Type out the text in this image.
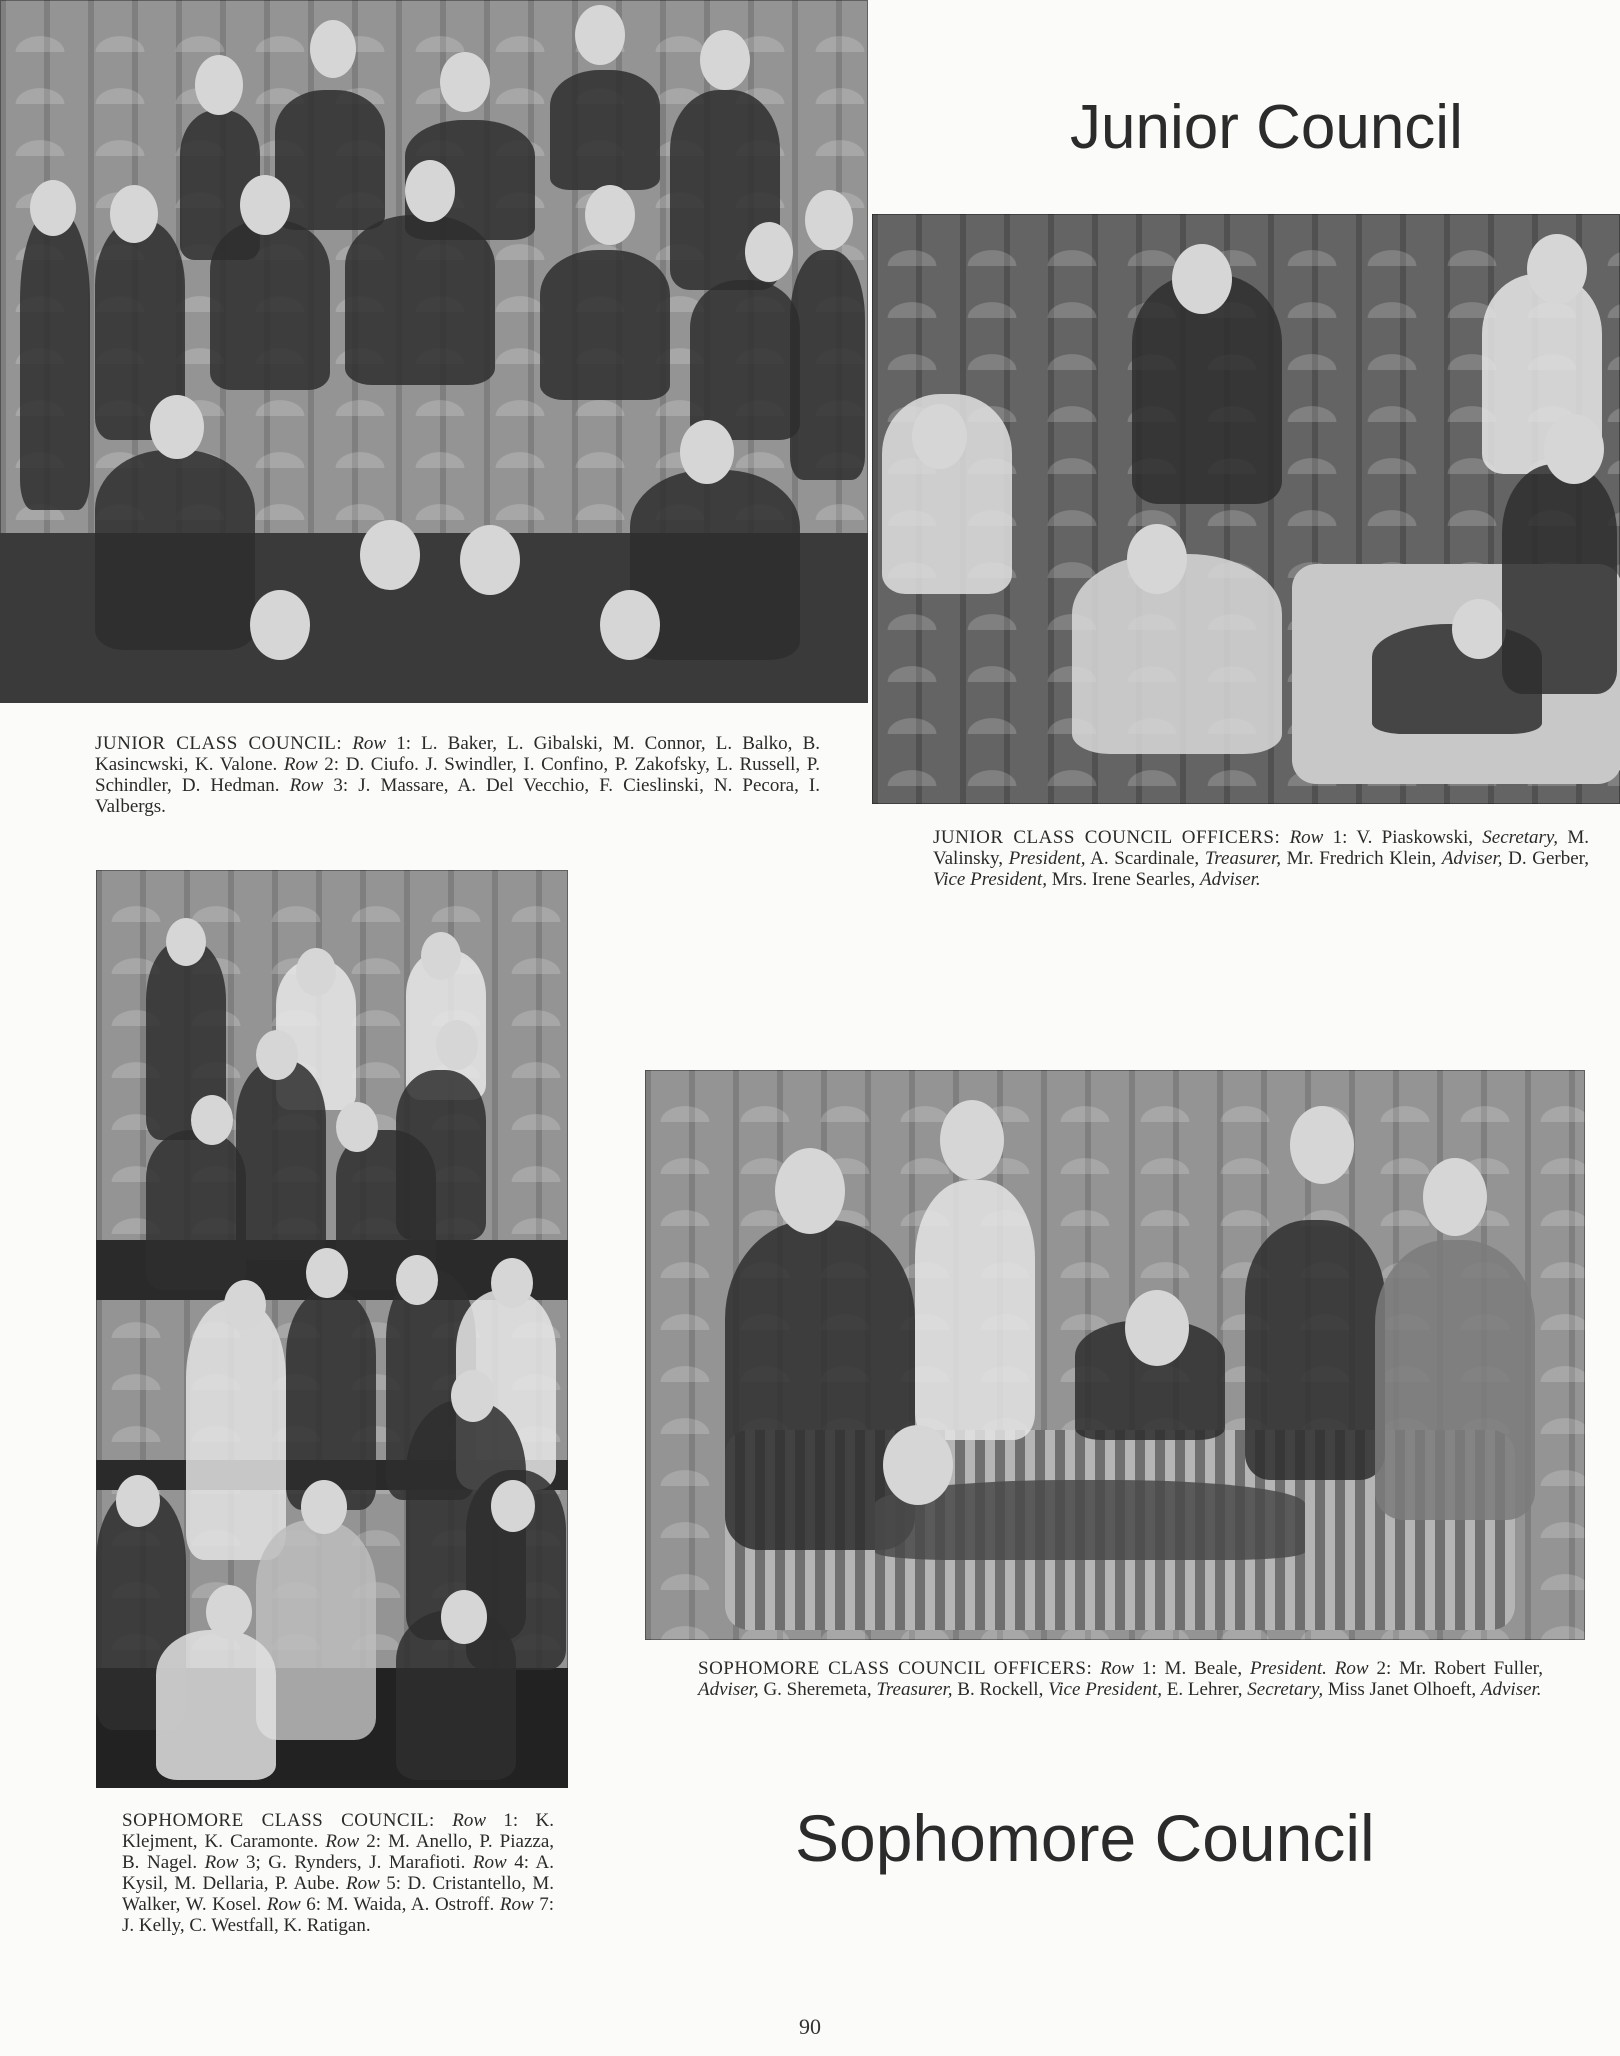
Junior Council
Sophomore Council

JUNIOR CLASS COUNCIL: Row 1: L. Baker, L. Gibalski, M. Connor, L. Balko, B. Kasincwski, K. Valone. Row 2: D. Ciufo. J. Swindler, I. Confino, P. Zakofsky, L. Russell, P. Schindler, D. Hedman. Row 3: J. Massare, A. Del Vecchio, F. Cieslinski, N. Pecora, I. Valbergs.

JUNIOR CLASS COUNCIL OFFICERS: Row 1: V. Piaskowski, Secretary, M. Valinsky, President, A. Scardinale, Treasurer, Mr. Fredrich Klein, Adviser, D. Gerber, Vice President, Mrs. Irene Searles, Adviser.

SOPHOMORE CLASS COUNCIL OFFICERS: Row 1: M. Beale, President. Row 2: Mr. Robert Fuller, Adviser, G. Sheremeta, Treasurer, B. Rockell, Vice President, E. Lehrer, Secretary, Miss Janet Olhoeft, Adviser.

SOPHOMORE CLASS COUNCIL: Row 1: K. Klejment, K. Caramonte. Row 2: M. Anello, P. Piazza, B. Nagel. Row 3; G. Rynders, J. Marafioti. Row 4: A. Kysil, M. Dellaria, P. Aube. Row 5: D. Cristantello, M. Walker, W. Kosel. Row 6: M. Waida, A. Ostroff. Row 7: J. Kelly, C. Westfall, K. Ratigan.

90
